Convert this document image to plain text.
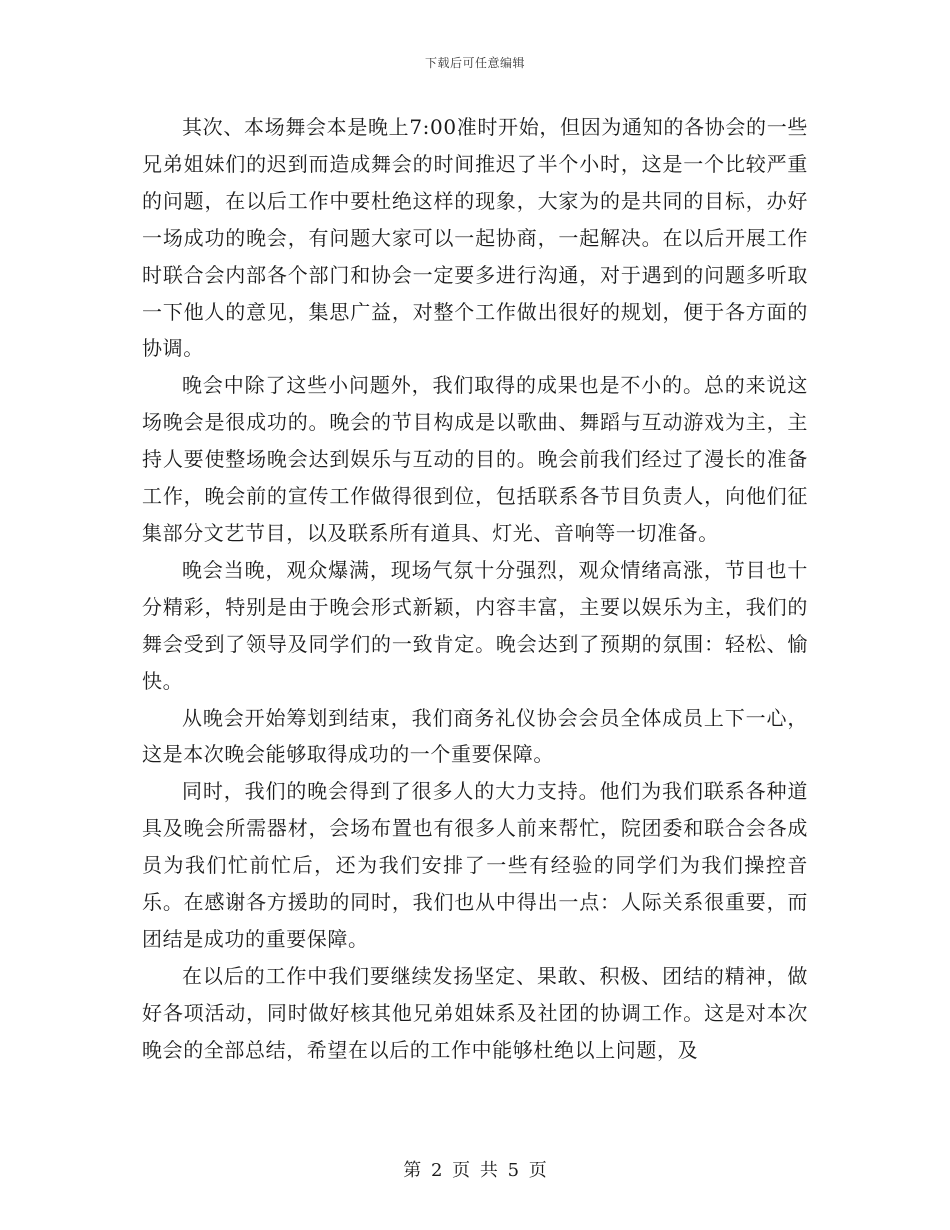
下载后可任意编辑

其次、本场舞会本是晚上7:00准时开始，但因为通知的各协会的一些兄弟姐妹们的迟到而造成舞会的时间推迟了半个小时，这是一个比较严重的问题，在以后工作中要杜绝这样的现象，大家为的是共同的目标，办好一场成功的晚会，有问题大家可以一起协商，一起解决。在以后开展工作时联合会内部各个部门和协会一定要多进行沟通，对于遇到的问题多听取一下他人的意见，集思广益，对整个工作做出很好的规划，便于各方面的协调。

晚会中除了这些小问题外，我们取得的成果也是不小的。总的来说这场晚会是很成功的。晚会的节目构成是以歌曲、舞蹈与互动游戏为主，主持人要使整场晚会达到娱乐与互动的目的。晚会前我们经过了漫长的准备工作，晚会前的宣传工作做得很到位，包括联系各节目负责人，向他们征集部分文艺节目，以及联系所有道具、灯光、音响等一切准备。

晚会当晚，观众爆满，现场气氛十分强烈，观众情绪高涨，节目也十分精彩，特别是由于晚会形式新颖，内容丰富，主要以娱乐为主，我们的舞会受到了领导及同学们的一致肯定。晚会达到了预期的氛围：轻松、愉快。

从晚会开始筹划到结束，我们商务礼仪协会会员全体成员上下一心，这是本次晚会能够取得成功的一个重要保障。

同时，我们的晚会得到了很多人的大力支持。他们为我们联系各种道具及晚会所需器材，会场布置也有很多人前来帮忙，院团委和联合会各成员为我们忙前忙后，还为我们安排了一些有经验的同学们为我们操控音乐。在感谢各方援助的同时，我们也从中得出一点：人际关系很重要，而团结是成功的重要保障。

在以后的工作中我们要继续发扬坚定、果敢、积极、团结的精神，做好各项活动，同时做好核其他兄弟姐妹系及社团的协调工作。这是对本次晚会的全部总结，希望在以后的工作中能够杜绝以上问题，及

第 2 页 共 5 页
